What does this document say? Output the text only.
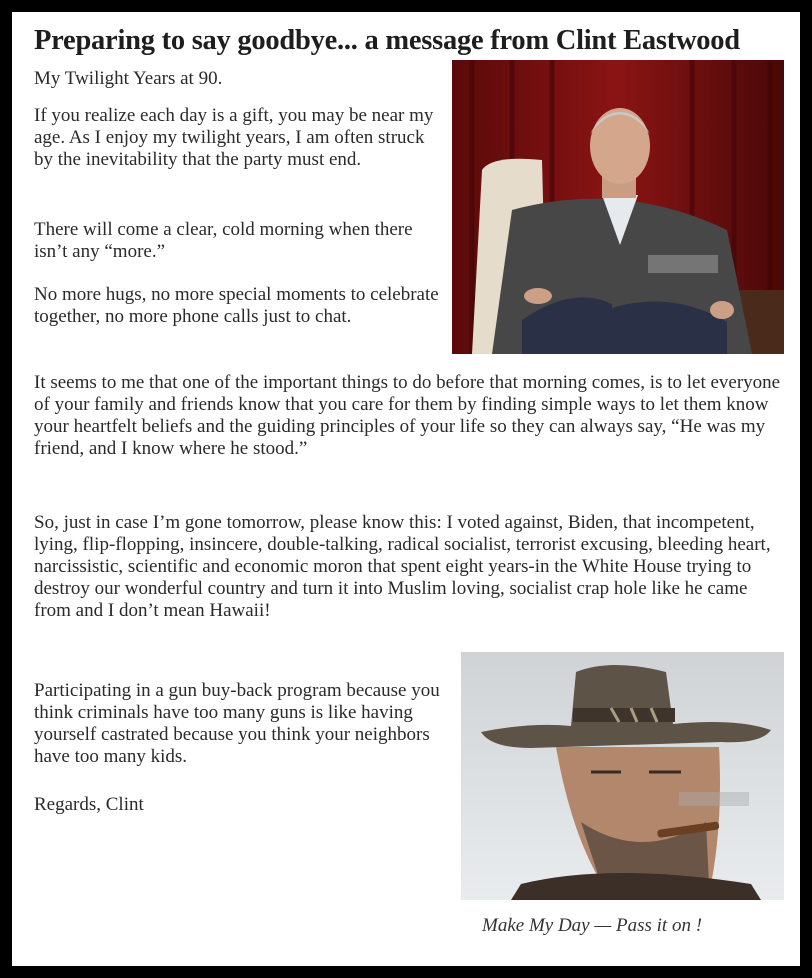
Preparing to say goodbye... a message from Clint Eastwood

My Twilight Years at 90.

If you realize each day is a gift, you may be near my age. As I enjoy my twilight years, I am often struck by the inevitability that the party must end.

There will come a clear, cold morning when there isn’t any “more.”

No more hugs, no more special moments to celebrate together, no more phone calls just to chat.

It seems to me that one of the important things to do before that morning comes, is to let everyone of your family and friends know that you care for them by finding simple ways to let them know your heartfelt beliefs and the guiding principles of your life so they can always say, “He was my friend, and I know where he stood.”

So, just in case I’m gone tomorrow, please know this: I voted against, Biden, that incompetent, lying, flip-flopping, insincere, double-talking, radical socialist, terrorist excusing, bleeding heart, narcissistic, scientific and economic moron that spent eight years-in the White House trying to destroy our wonderful country and turn it into Muslim loving, socialist crap hole like he came from and I don’t mean Hawaii!

Participating in a gun buy-back program because you think criminals have too many guns is like having yourself castrated because you think your neighbors have too many kids.

Regards, Clint

Make My Day — Pass it on !
